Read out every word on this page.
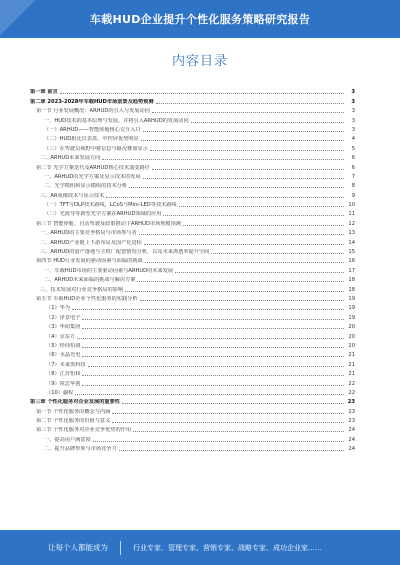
车载HUD企业提升个性化服务策略研究报告
内容目录
第一章 前言	3
第二章 2023-2028年车载HUD市场前景及趋势预测	3
第一节 行业发展概况：ARHUD的引入与发展动因	3
一、HUD技术的基本原理与发展，并将引入ARHUD的发展动因	3
（一）ARHUD——智能座舱核心交互入口	3
（二）HUD相比仪表盘、中控屏优势明显	4
（三）在驾驶员视野中将信息与路况叠加显示	5
二、ARHUD未来发展方向	6
第二节 光学方案迭代及ARHUD核心技术演变路径	6
一、ARHUD的光学方案及显示技术的发展	7
二、光学模组和显示模组的技术分析	8
三、AR成像技术与显示技术	9
（一）TFT与DLP技术路线，LCoS与Mini-LED等技术路线	10
（二）光波导等新型光学方案在ARHUD领域的应用	11
第三节 智能座舱、自动驾驶及政策推动下ARHUD市场规模预测	12
一、ARHUD的主要竞争格局与市场参与者	13
二、ARHUD产业链上下游布局及国产化进程	14
三、ARHUD的量产落地与主机厂配套情况分析，以及未来渗透率提升空间	15
第四节 HUD行业发展的驱动因素与面临的挑战	16
一、车载HUD市场的主要驱动因素与ARHUD的未来发展	17
二、ARHUD未来面临的挑战与解决方案	18
三、技术发展对行业竞争格局的影响	18
第五节 车载HUD企业个性化服务的实践分析	19
（1）华为	19
（2）泽景电子	19
（3）华阳集团	20
（4）京东方	20
（5）经纬恒润	20
（6）水晶光电	21
（7）未来黑科技	21
（8）江苏怡和	21
（9）锐思华创	22
（10）疆程	22
第三章 个性化服务对企业发展的重要性	23
第一节 个性化服务的概念与内涵	23
第二节 个性化服务的价值与意义	23
第三节 个性化服务对企业竞争优势的作用	24
一、提高用户满意度	24
二、提升品牌形象与市场竞争力	24
让每个人都能成为	行业专家、管理专家、营销专家、战略专家、成功企业家……
